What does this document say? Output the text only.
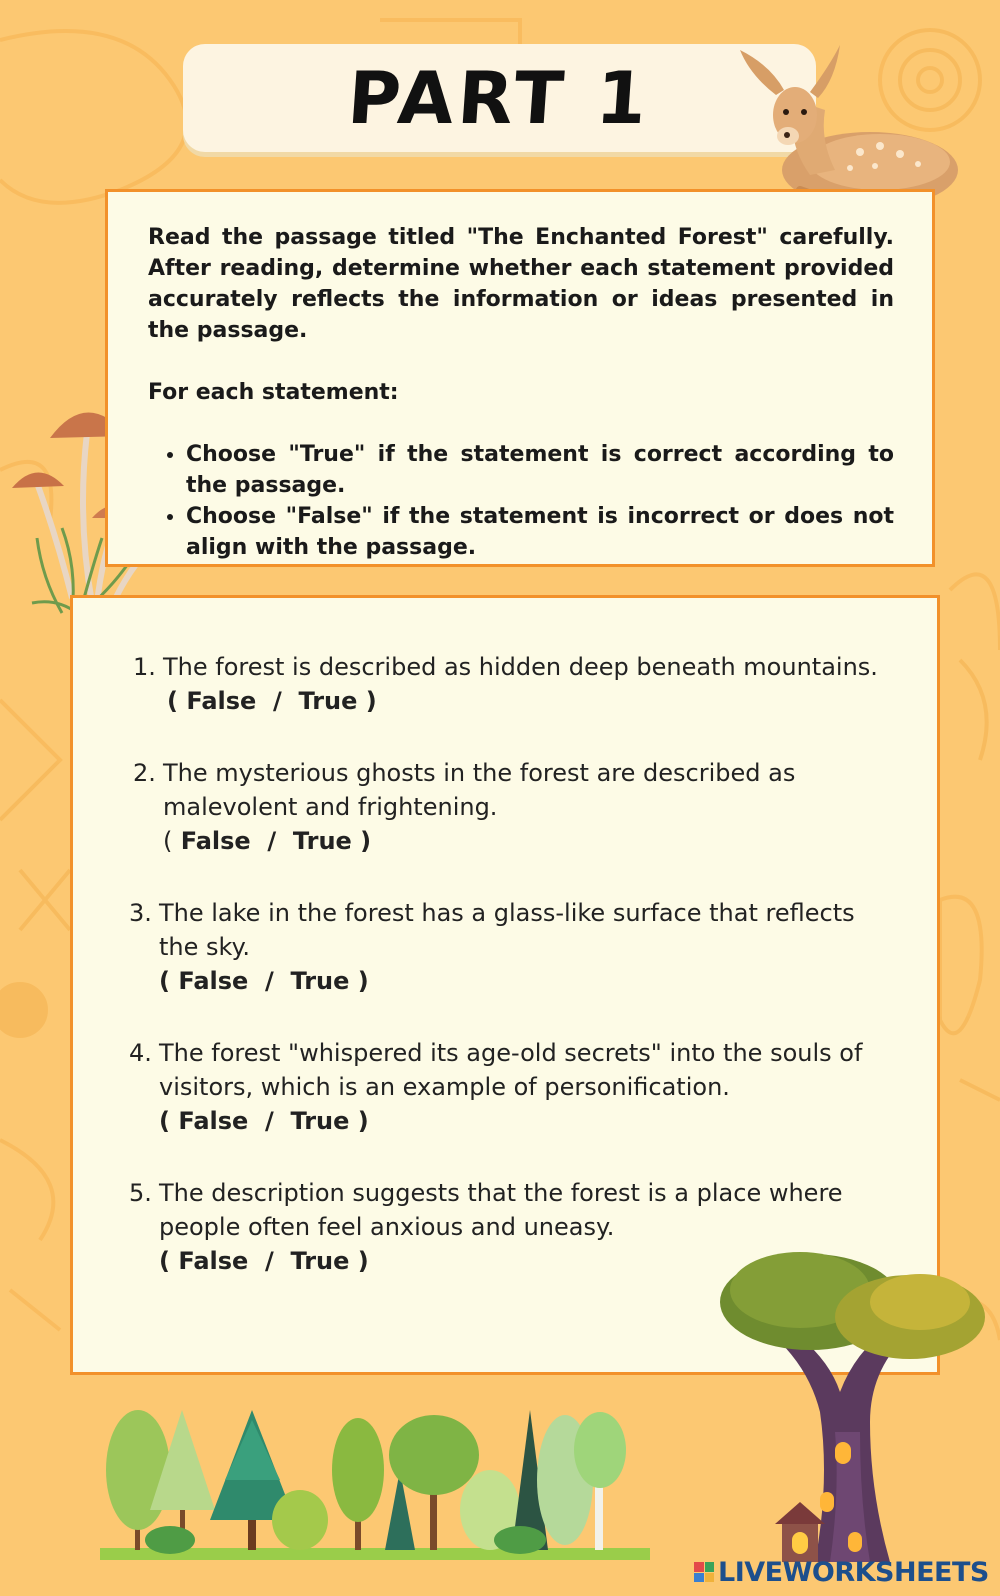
PART 1

Read the passage titled "The Enchanted Forest" carefully. After reading, determine whether each statement provided accurately reflects the information or ideas presented in the passage.

For each statement:

• Choose "True" if the statement is correct according to the passage.
• Choose "False" if the statement is incorrect or does not align with the passage.
1. The forest is described as hidden deep beneath mountains.
( False  /  True )
2. The mysterious ghosts in the forest are described as malevolent and frightening.
( False  /  True )
3. The lake in the forest has a glass-like surface that reflects the sky.
( False  /  True )
4. The forest "whispered its age-old secrets" into the souls of visitors, which is an example of personification.
( False  /  True )
5. The description suggests that the forest is a place where people often feel anxious and uneasy.
( False  /  True )
LIVEWORKSHEETS
